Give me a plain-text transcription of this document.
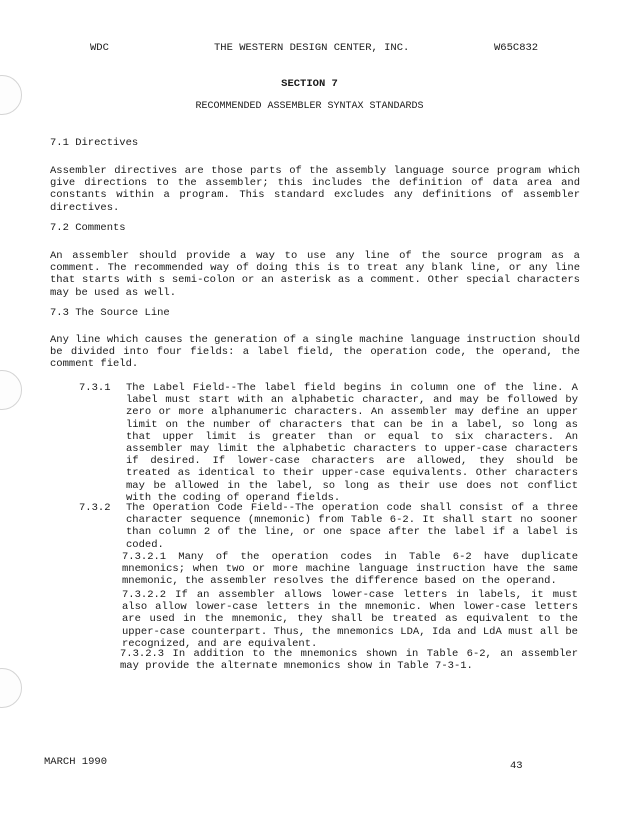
WDC	THE WESTERN DESIGN CENTER, INC.	W65C832
SECTION 7
RECOMMENDED ASSEMBLER SYNTAX STANDARDS
7.1 Directives

Assembler directives are those parts of the assembly language source program which give directions to the assembler; this includes the definition of data area and constants within a program. This standard excludes any definitions of assembler directives.

7.2 Comments

An assembler should provide a way to use any line of the source program as a comment. The recommended way of doing this is to treat any blank line, or any line that starts with s semi-colon or an asterisk as a comment. Other special characters may be used as well.

7.3 The Source Line

Any line which causes the generation of a single machine language instruction should be divided into four fields: a label field, the operation code, the operand, the comment field.

7.3.1 The Label Field--The label field begins in column one of the line. A label must start with an alphabetic character, and may be followed by zero or more alphanumeric characters. An assembler may define an upper limit on the number of characters that can be in a label, so long as that upper limit is greater than or equal to six characters. An assembler may limit the alphabetic characters to upper-case characters if desired. If lower-case characters are allowed, they should be treated as identical to their upper-case equivalents. Other characters may be allowed in the label, so long as their use does not conflict with the coding of operand fields.

7.3.2 The Operation Code Field--The operation code shall consist of a three character sequence (mnemonic) from Table 6-2. It shall start no sooner than column 2 of the line, or one space after the label if a label is coded.

7.3.2.1 Many of the operation codes in Table 6-2 have duplicate mnemonics; when two or more machine language instruction have the same mnemonic, the assembler resolves the difference based on the operand.

7.3.2.2 If an assembler allows lower-case letters in labels, it must also allow lower-case letters in the mnemonic. When lower-case letters are used in the mnemonic, they shall be treated as equivalent to the upper-case counterpart. Thus, the mnemonics LDA, Ida and LdA must all be recognized, and are equivalent.

7.3.2.3 In addition to the mnemonics shown in Table 6-2, an assembler may provide the alternate mnemonics show in Table 7-3-1.

MARCH 1990	43
